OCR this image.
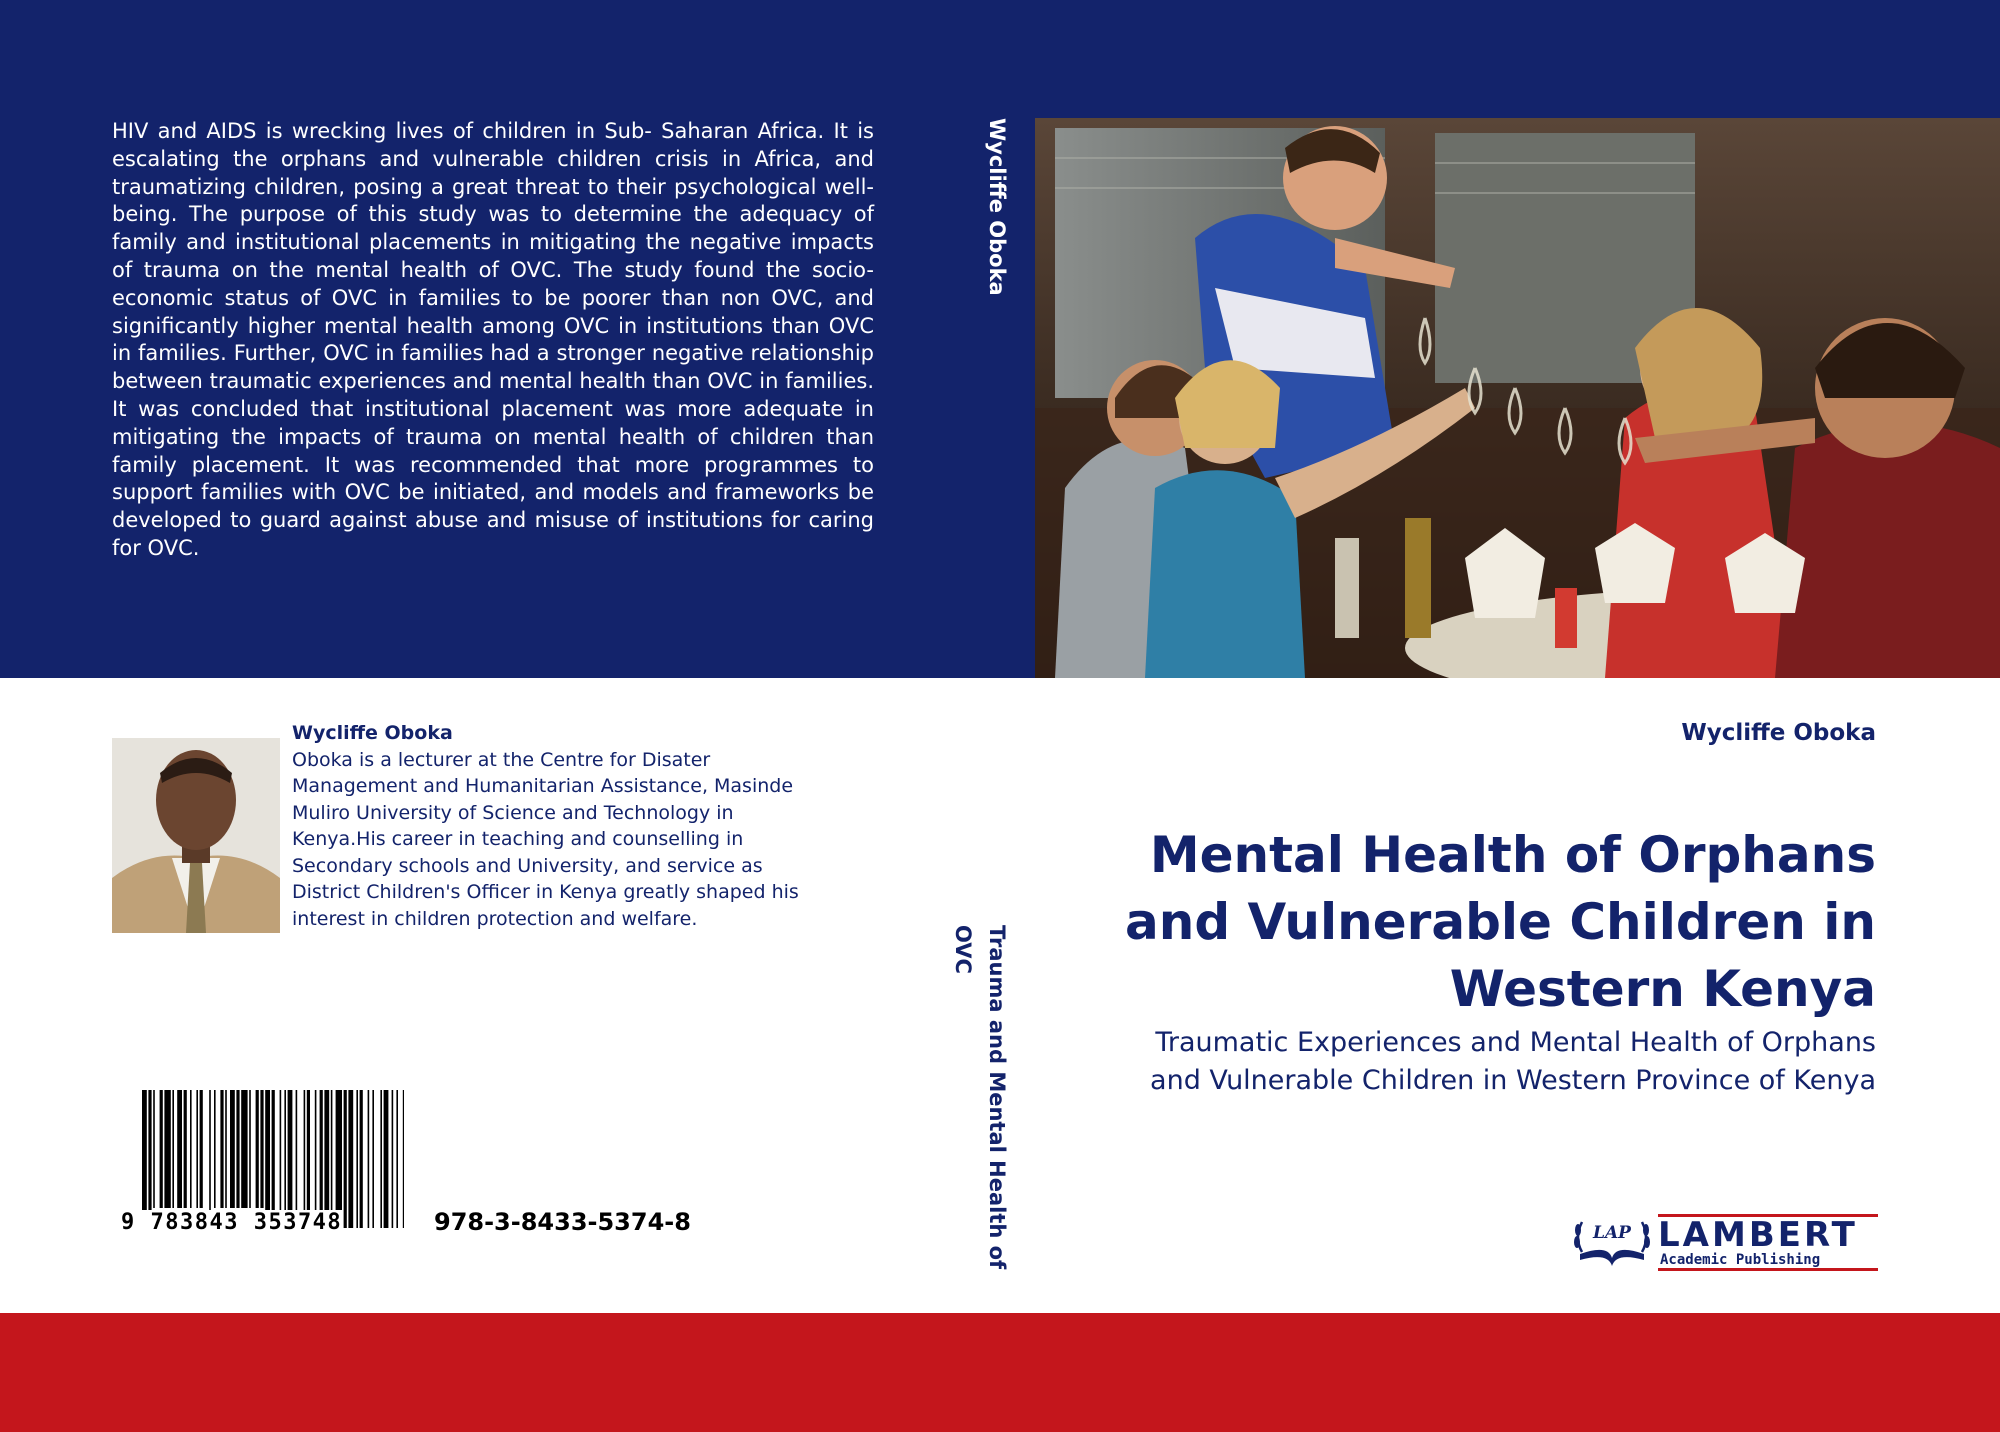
HIV and AIDS is wrecking lives of children in Sub- Saharan Africa. It is escalating the orphans and vulnerable children crisis in Africa, and traumatizing children, posing a great threat to their psychological well-being. The purpose of this study was to determine the adequacy of family and institutional placements in mitigating the negative impacts of trauma on the mental health of OVC. The study found the socio-economic status of OVC in families to be poorer than non OVC, and significantly higher mental health among OVC in institutions than OVC in families. Further, OVC in families had a stronger negative relationship between traumatic experiences and mental health than OVC in families. It was concluded that institutional placement was more adequate in mitigating the impacts of trauma on mental health of children than family placement. It was recommended that more programmes to support families with OVC be initiated, and models and frameworks be developed to guard against abuse and misuse of institutions for caring for OVC.

Wycliffe Oboka
Trauma and Mental Health of OVC
Wycliffe Oboka
Oboka is a lecturer at the Centre for Disater Management and Humanitarian Assistance, Masinde Muliro University of Science and Technology in Kenya.His career in teaching and counselling in Secondary schools and University, and service as District Children's Officer in Kenya greatly shaped his interest in children protection and welfare.
9 783843 353748	978-3-8433-5374-8
Wycliffe Oboka

Mental Health of Orphans and Vulnerable Children in Western Kenya

Traumatic Experiences and Mental Health of Orphans and Vulnerable Children in Western Province of Kenya

LAP LAMBERT
Academic Publishing
